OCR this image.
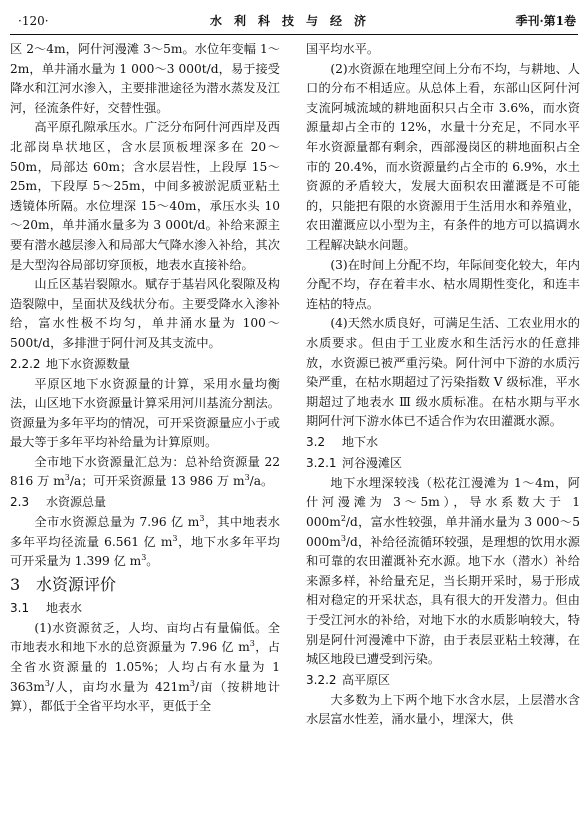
·120·	水利科技与经济	季刊·第1卷

区 2～4m，阿什河漫滩 3～5m。水位年变幅 1～2m，单井涌水量为 1 000～3 000t/d，易于接受降水和江河水渗入，主要排泄途径为潜水蒸发及江河，径流条件好，交替性强。

高平原孔隙承压水。广泛分布阿什河西岸及西北部岗阜状地区，含水层顶板埋深多在 20～50m，局部达 60m；含水层岩性，上段厚 15～25m，下段厚 5～25m，中间多被淤泥质亚粘土透镜体所隔。水位埋深 15～40m，承压水头 10～20m，单井涌水量多为 3 000t/d。补给来源主要有潜水越层渗入和局部大气降水渗入补给，其次是大型沟谷局部切穿顶板，地表水直接补给。

山丘区基岩裂隙水。赋存于基岩风化裂隙及构造裂隙中，呈面状及线状分布。主要受降水入渗补给，富水性极不均匀，单井涌水量为 100～500t/d，多排泄于阿什河及其支流中。

2.2.2 地下水资源数量

平原区地下水资源量的计算，采用水量均衡法，山区地下水资源量计算采用河川基流分割法。资源量为多年平均的情况，可开采资源量应小于或最大等于多年平均补给量为计算原则。

全市地下水资源量汇总为：总补给资源量 22 816 万 $m^3/a$；可开采资源量 13 986 万 $m^3/a$。

2.3 水资源总量

全市水资源总量为 7.96 亿 $m^3$，其中地表水多年平均径流量 6.561 亿 $m^3$，地下水多年平均可开采量为 1.399 亿 $m^3$。

3 水资源评价
3.1 地表水

(1)水资源贫乏，人均、亩均占有量偏低。全市地表水和地下水的总资源量为 7.96 亿 $m^3$，占全省水资源量的 1.05%；人均占有水量为 1 $363m^3/$人，亩均水量为 $421m^3/$亩（按耕地计算），都低于全省平均水平，更低于全

国平均水平。

(2)水资源在地理空间上分布不均，与耕地、人口的分布不相适应。从总体上看，东部山区阿什河支流阿城流域的耕地面积只占全市 3.6%，而水资源量却占全市的 12%，水量十分充足，不同水平年水资源量都有剩余，西部漫岗区的耕地面积占全市的 20.4%，而水资源量约占全市的 6.9%，水土资源的矛盾较大，发展大面积农田灌溉是不可能的，只能把有限的水资源用于生活用水和养殖业，农田灌溉应以小型为主，有条件的地方可以搞调水工程解决缺水问题。

(3)在时间上分配不均，年际间变化较大，年内分配不均，存在着丰水、枯水周期性变化，和连丰连枯的特点。

(4)天然水质良好，可满足生活、工农业用水的水质要求。但由于工业废水和生活污水的任意排放，水资源已被严重污染。阿什河中下游的水质污染严重，在枯水期超过了污染指数 V 级标准，平水期超过了地表水 Ⅲ 级水质标准。在枯水期与平水期阿什河下游水体已不适合作为农田灌溉水源。

3.2 地下水
3.2.1 河谷漫滩区

地下水埋深较浅（松花江漫滩为 1～4m，阿什河漫滩为 3～5m），导水系数大于 1 $000m^2/d$，富水性较强，单井涌水量为 3 000～5 $000m^3/d$，补给径流循环较强，是理想的饮用水源和可靠的农田灌溉补充水源。地下水（潜水）补给来源多样，补给量充足，当长期开采时，易于形成相对稳定的开采状态，具有很大的开发潜力。但由于受江河水的补给，对地下水的水质影响较大，特别是阿什河漫滩中下游，由于表层亚粘土较薄，在城区地段已遭受到污染。

3.2.2 高平原区

大多数为上下两个地下水含水层，上层潜水含水层富水性差，涌水量小，埋深大，供
